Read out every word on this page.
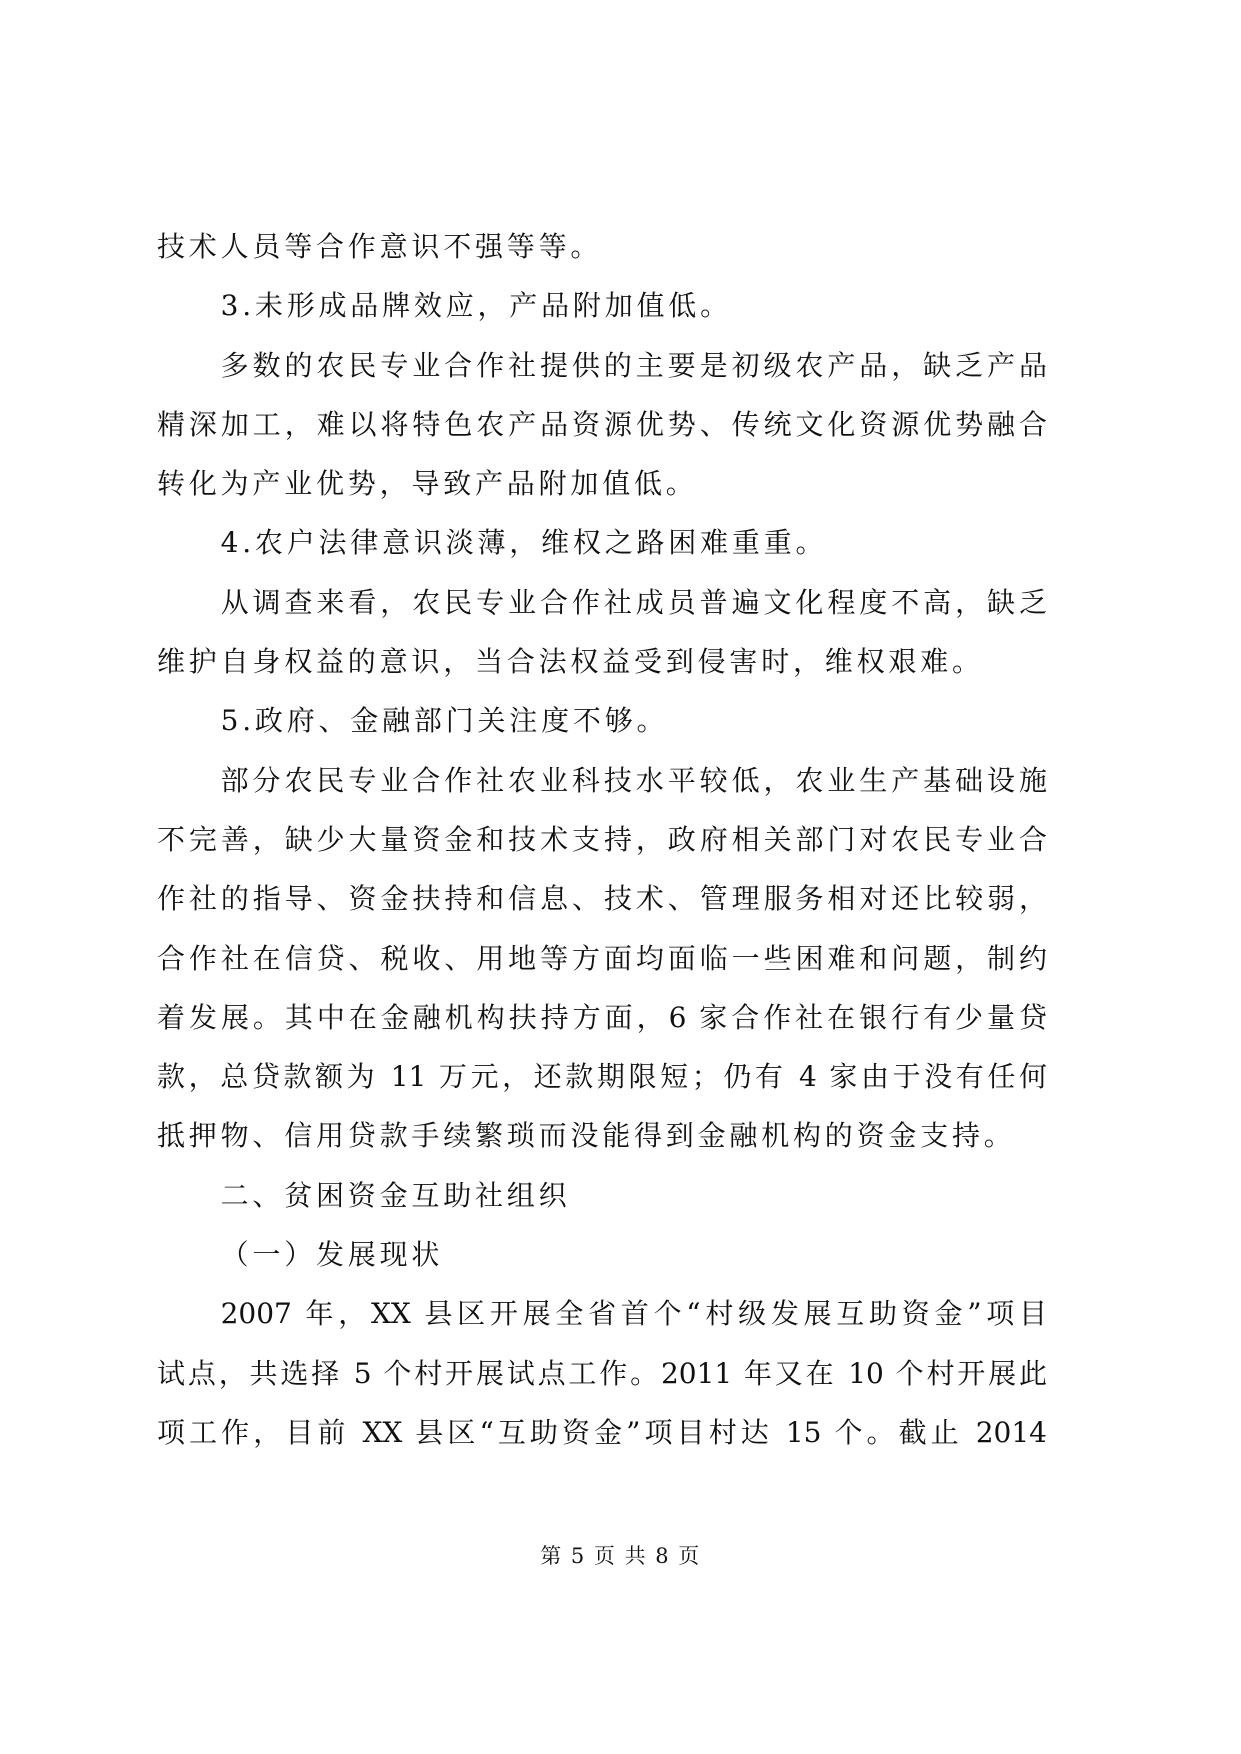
技术人员等合作意识不强等等。
3.未形成品牌效应，产品附加值低。
多数的农民专业合作社提供的主要是初级农产品，缺乏产品
精深加工，难以将特色农产品资源优势、传统文化资源优势融合
转化为产业优势，导致产品附加值低。
4.农户法律意识淡薄，维权之路困难重重。
从调查来看，农民专业合作社成员普遍文化程度不高，缺乏
维护自身权益的意识，当合法权益受到侵害时，维权艰难。
5.政府、金融部门关注度不够。
部分农民专业合作社农业科技水平较低，农业生产基础设施
不完善，缺少大量资金和技术支持，政府相关部门对农民专业合
作社的指导、资金扶持和信息、技术、管理服务相对还比较弱，
合作社在信贷、税收、用地等方面均面临一些困难和问题，制约
着发展。其中在金融机构扶持方面，6 家合作社在银行有少量贷
款，总贷款额为 11 万元，还款期限短；仍有 4 家由于没有任何
抵押物、信用贷款手续繁琐而没能得到金融机构的资金支持。
二、贫困资金互助社组织
（一）发展现状
2007 年，XX 县区开展全省首个“村级发展互助资金”项目
试点，共选择 5 个村开展试点工作。2011 年又在 10 个村开展此
项工作，目前 XX 县区“互助资金”项目村达 15 个。截止 2014
第 5 页 共 8 页
